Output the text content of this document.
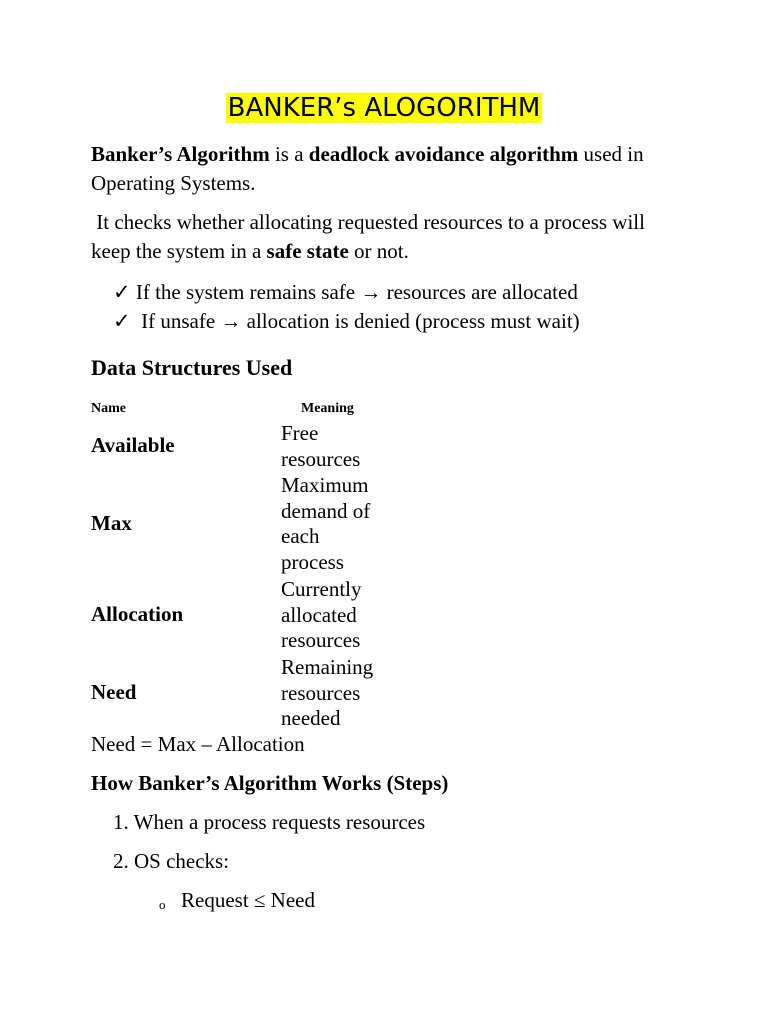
BANKER’s ALOGORITHM
Banker’s Algorithm is a deadlock avoidance algorithm used in
Operating Systems.
It checks whether allocating requested resources to a process will
keep the system in a safe state or not.
✓ If the system remains safe → resources are allocated
✓  If unsafe → allocation is denied (process must wait)
Data Structures Used
Name	Meaning
Available	Free
resources
Max
Maximum
demand of
each
process
Allocation
Currently
allocated
resources
Need
Remaining
resources
needed
Need = Max – Allocation
How Banker’s Algorithm Works (Steps)
1. When a process requests resources
2. OS checks:
o Request ≤ Need
